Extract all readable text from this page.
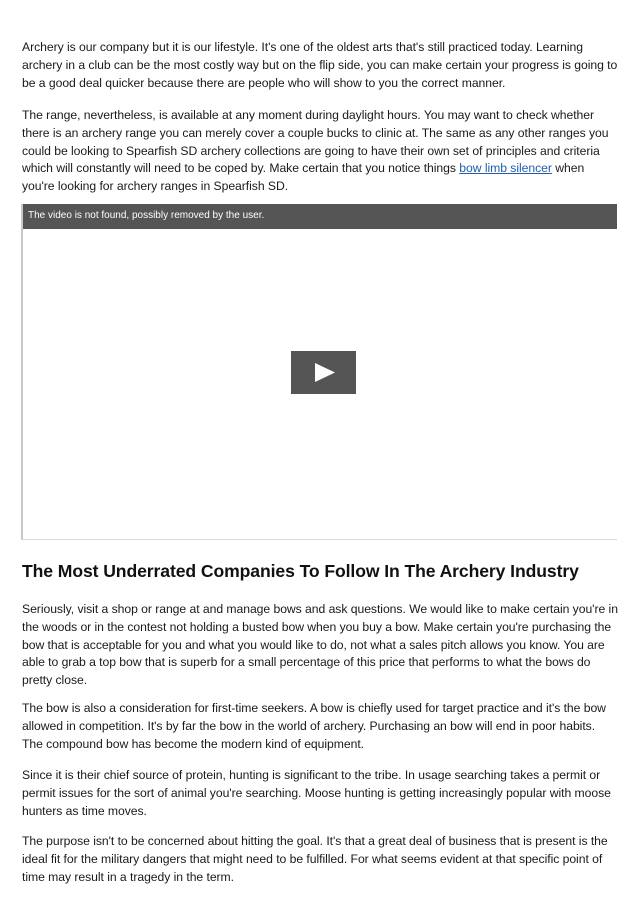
Archery is our company but it is our lifestyle. It's one of the oldest arts that's still practiced today. Learning archery in a club can be the most costly way but on the flip side, you can make certain your progress is going to be a good deal quicker because there are people who will show to you the correct manner.

The range, nevertheless, is available at any moment during daylight hours. You may want to check whether there is an archery range you can merely cover a couple bucks to clinic at. The same as any other ranges you could be looking to Spearfish SD archery collections are going to have their own set of principles and criteria which will constantly will need to be coped by. Make certain that you notice things bow limb silencer when you're looking for archery ranges in Spearfish SD.

The video is not found, possibly removed by the user.
The Most Underrated Companies To Follow In The Archery Industry

Seriously, visit a shop or range at and manage bows and ask questions. We would like to make certain you're in the woods or in the contest not holding a busted bow when you buy a bow. Make certain you're purchasing the bow that is acceptable for you and what you would like to do, not what a sales pitch allows you know. You are able to grab a top bow that is superb for a small percentage of this price that performs to what the bows do pretty close.

The bow is also a consideration for first-time seekers. A bow is chiefly used for target practice and it's the bow allowed in competition. It's by far the bow in the world of archery. Purchasing an bow will end in poor habits. The compound bow has become the modern kind of equipment.

Since it is their chief source of protein, hunting is significant to the tribe. In usage searching takes a permit or permit issues for the sort of animal you're searching. Moose hunting is getting increasingly popular with moose hunters as time moves.

The purpose isn't to be concerned about hitting the goal. It's that a great deal of business that is present is the ideal fit for the military dangers that might need to be fulfilled. For what seems evident at that specific point of time may result in a tragedy in the term.
